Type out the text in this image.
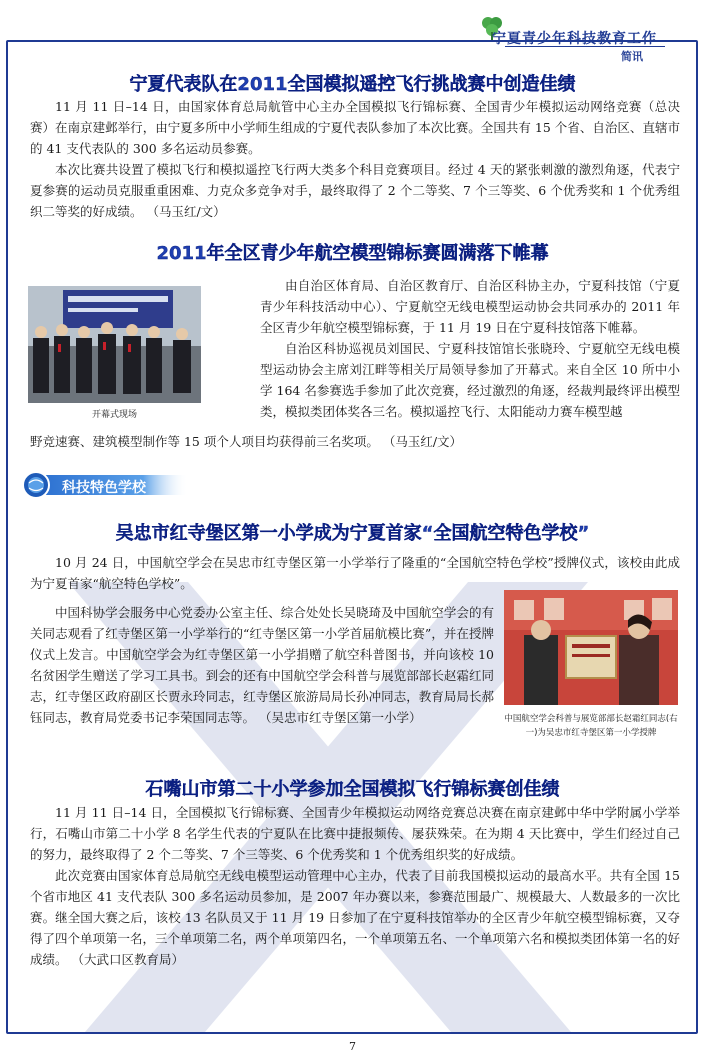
宁夏青少年科技教育工作
简讯
宁夏代表队在2011全国模拟遥控飞行挑战赛中创造佳绩

11 月 11 日–14 日，由国家体育总局航管中心主办全国模拟飞行锦标赛、全国青少年模拟运动网络竞赛（总决赛）在南京建邺举行，由宁夏多所中小学师生组成的宁夏代表队参加了本次比赛。全国共有 15 个省、自治区、直辖市的 41 支代表队的 300 多名运动员参赛。

本次比赛共设置了模拟飞行和模拟遥控飞行两大类多个科目竞赛项目。经过 4 天的紧张刺激的激烈角逐，代表宁夏参赛的运动员克服重重困难、力克众多竞争对手，最终取得了 2 个二等奖、7 个三等奖、6 个优秀奖和 1 个优秀组织二等奖的好成绩。 （马玉红/文）

2011年全区青少年航空模型锦标赛圆满落下帷幕
开幕式现场

由自治区体育局、自治区教育厅、自治区科协主办，宁夏科技馆（宁夏青少年科技活动中心）、宁夏航空无线电模型运动协会共同承办的 2011 年全区青少年航空模型锦标赛，于 11 月 19 日在宁夏科技馆落下帷幕。

自治区科协巡视员刘国民、宁夏科技馆馆长张晓玲、宁夏航空无线电模型运动协会主席刘江畔等相关厅局领导参加了开幕式。来自全区 10 所中小学 164 名参赛选手参加了此次竞赛，经过激烈的角逐，经裁判最终评出模型类，模拟类团体奖各三名。模拟遥控飞行、太阳能动力赛车模型越

野竞速赛、建筑模型制作等 15 项个人项目均获得前三名奖项。 （马玉红/文）

科技特色学校
吴忠市红寺堡区第一小学成为宁夏首家“全国航空特色学校”

10 月 24 日，中国航空学会在吴忠市红寺堡区第一小学举行了隆重的“全国航空特色学校”授牌仪式，该校由此成为宁夏首家“航空特色学校”。

中国科协学会服务中心党委办公室主任、综合处处长吴晓琦及中国航空学会的有关同志观看了红寺堡区第一小学举行的“红寺堡区第一小学首届航模比赛”，并在授牌仪式上发言。中国航空学会为红寺堡区第一小学捐赠了航空科普图书，并向该校 10 名贫困学生赠送了学习工具书。到会的还有中国航空学会科普与展览部部长赵霜红同志，红寺堡区政府副区长贾永玲同志，红寺堡区旅游局局长孙冲同志，教育局局长郝钰同志，教育局党委书记李荣国同志等。 （吴忠市红寺堡区第一小学）	中国航空学会科普与展览部部长赵霜红同志(右一)为吴忠市红寺堡区第一小学授牌
石嘴山市第二十小学参加全国模拟飞行锦标赛创佳绩

11 月 11 日–14 日，全国模拟飞行锦标赛、全国青少年模拟运动网络竞赛总决赛在南京建邺中华中学附属小学举行，石嘴山市第二十小学 8 名学生代表的宁夏队在比赛中捷报频传、屡获殊荣。在为期 4 天比赛中，学生们经过自己的努力，最终取得了 2 个二等奖、7 个三等奖、6 个优秀奖和 1 个优秀组织奖的好成绩。

此次竞赛由国家体育总局航空无线电模型运动管理中心主办，代表了目前我国模拟运动的最高水平。共有全国 15 个省市地区 41 支代表队 300 多名运动员参加，是 2007 年办赛以来，参赛范围最广、规模最大、人数最多的一次比赛。继全国大赛之后，该校 13 名队员又于 11 月 19 日参加了在宁夏科技馆举办的全区青少年航空模型锦标赛，又夺得了四个单项第一名，三个单项第二名，两个单项第四名，一个单项第五名、一个单项第六名和模拟类团体第一名的好成绩。 （大武口区教育局）

7
